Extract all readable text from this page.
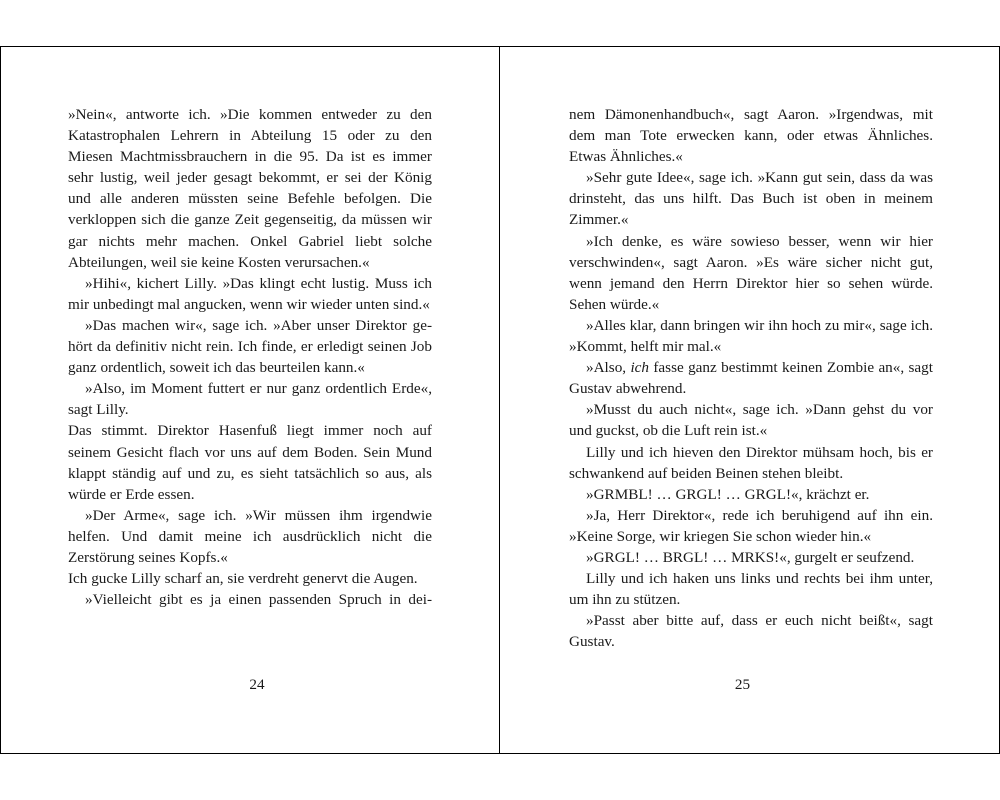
»Nein«, antworte ich. »Die kommen entweder zu den Katastrophalen Lehrern in Abteilung 15 oder zu den Miesen Machtmissbrauchern in die 95. Da ist es immer sehr lustig, weil jeder gesagt bekommt, er sei der König und alle anderen müssten seine Befehle befolgen. Die verkloppen sich die ganze Zeit gegenseitig, da müssen wir gar nichts mehr machen. Onkel Gabriel liebt solche Abteilungen, weil sie keine Kosten verursachen.«

»Hihi«, kichert Lilly. »Das klingt echt lustig. Muss ich mir unbedingt mal angucken, wenn wir wieder unten sind.«

»Das machen wir«, sage ich. »Aber unser Direktor gehört da definitiv nicht rein. Ich finde, er erledigt seinen Job ganz ordentlich, soweit ich das beurteilen kann.«

»Also, im Moment futtert er nur ganz ordentlich Erde«, sagt Lilly.

Das stimmt. Direktor Hasenfuß liegt immer noch auf seinem Gesicht flach vor uns auf dem Boden. Sein Mund klappt ständig auf und zu, es sieht tatsächlich so aus, als würde er Erde essen.

»Der Arme«, sage ich. »Wir müssen ihm irgendwie helfen. Und damit meine ich ausdrücklich nicht die Zerstörung seines Kopfs.«

Ich gucke Lilly scharf an, sie verdreht genervt die Augen.

»Vielleicht gibt es ja einen passenden Spruch in dei-

24

nem Dämonenhandbuch«, sagt Aaron. »Irgendwas, mit dem man Tote erwecken kann, oder etwas Ähnliches. Etwas Ähnliches.«

»Sehr gute Idee«, sage ich. »Kann gut sein, dass da was drinsteht, das uns hilft. Das Buch ist oben in meinem Zimmer.«

»Ich denke, es wäre sowieso besser, wenn wir hier verschwinden«, sagt Aaron. »Es wäre sicher nicht gut, wenn jemand den Herrn Direktor hier so sehen würde. Sehen würde.«

»Alles klar, dann bringen wir ihn hoch zu mir«, sage ich. »Kommt, helft mir mal.«

»Also, ich fasse ganz bestimmt keinen Zombie an«, sagt Gustav abwehrend.

»Musst du auch nicht«, sage ich. »Dann gehst du vor und guckst, ob die Luft rein ist.«

Lilly und ich hieven den Direktor mühsam hoch, bis er schwankend auf beiden Beinen stehen bleibt.

»GRMBL! … GRGL! … GRGL!«, krächzt er.

»Ja, Herr Direktor«, rede ich beruhigend auf ihn ein. »Keine Sorge, wir kriegen Sie schon wieder hin.«

»GRGL! … BRGL! … MRKS!«, gurgelt er seufzend.

Lilly und ich haken uns links und rechts bei ihm unter, um ihn zu stützen.

»Passt aber bitte auf, dass er euch nicht beißt«, sagt Gustav.

25
